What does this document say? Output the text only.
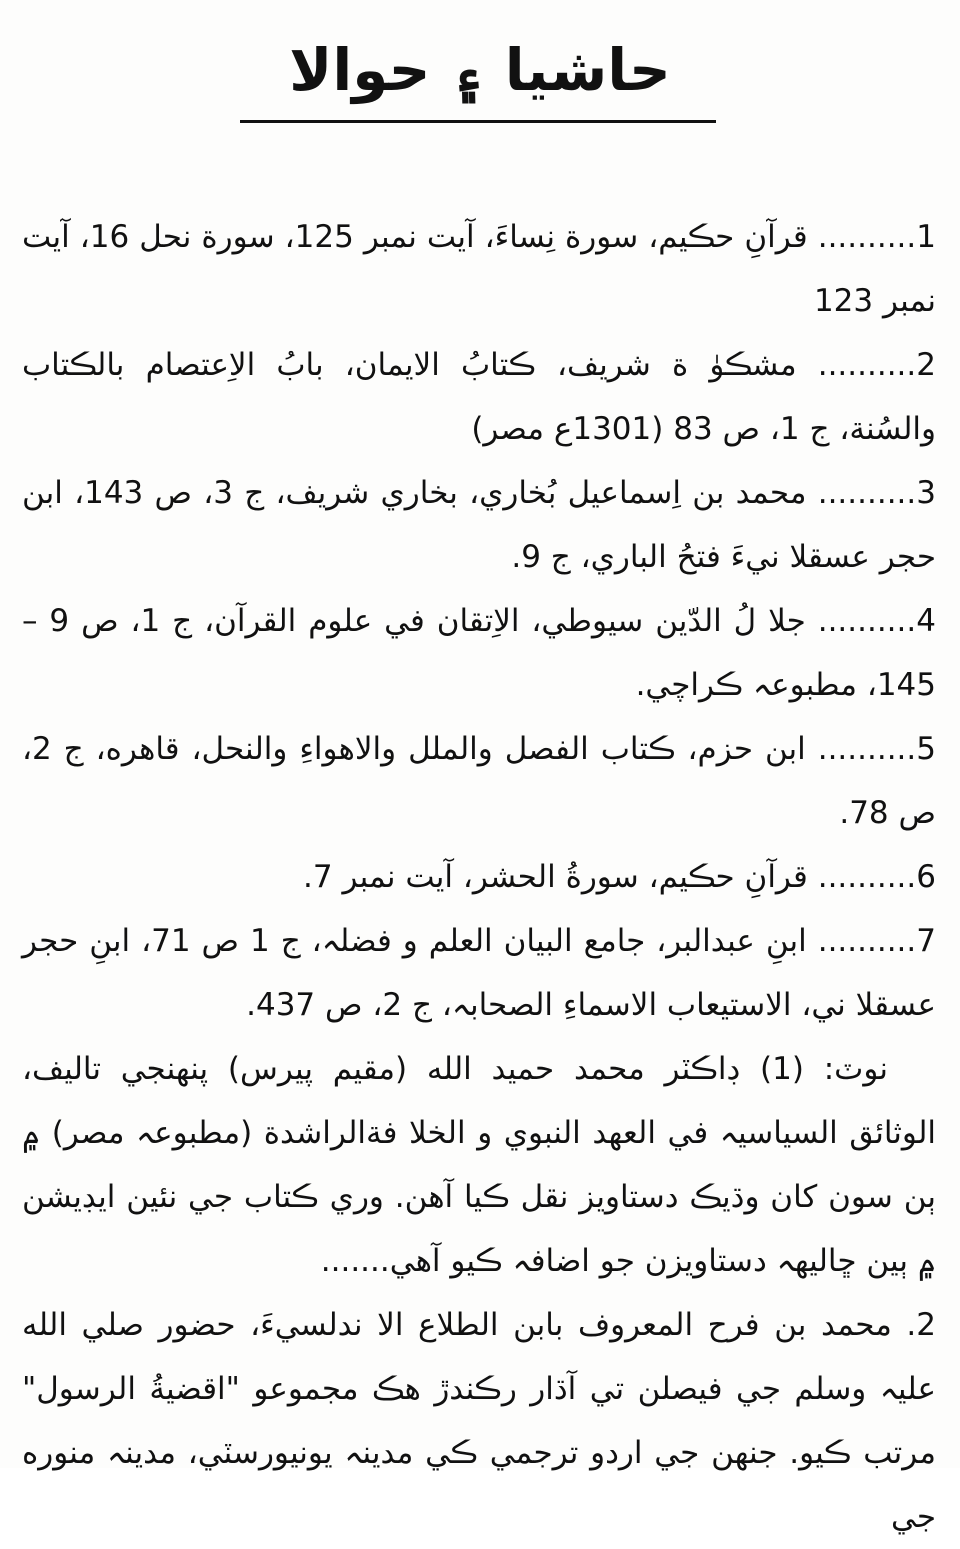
حاشيا ۽ حوالا

1.......... قرآنِ حڪيم، سورة نِساءَ، آيت نمبر 125، سورة نحل 16، آيت نمبر 123

2.......... مشڪوٰ ة شريف، ڪتابُ الايمان، بابُ الاِعتصام بالڪتاب والسُنة، ج 1، ص 83 (1301ع مصر)

3.......... محمد بن اِسماعيل بُخاري، بخاري شريف، ج 3، ص 143، ابن حجر عسقلا نيءَ فتحُ الباري، ج 9.

4.......... جلا لُ الدّين سيوطي، الاِتقان في علوم القرآن، ج 1، ص 9 – 145، مطبوعہ ڪراچي.

5.......... ابن حزم، ڪتاب الفصل والملل والاهواءِ والنحل، قاهره، ج 2، ص 78.

6.......... قرآنِ حڪيم، سورةُ الحشر، آيت نمبر 7.

7.......... ابنِ عبدالبر، جامع البيان العلم و فضلہ، ج 1 ص 71، ابنِ حجر عسقلا ني، الاستيعاب الاسماءِ الصحابہ، ج 2، ص 437.

نوٽ: (1) ڊاڪٽر محمد حميد الله (مقيم پيرس) پنهنجي تاليف، الوثائق السياسيہ في العهد النبوي و الخلا فةالراشدة (مطبوعہ مصر) ۾ ٻن سون کان وڌيڪ دستاويز نقل ڪيا آهن. وري ڪتاب جي نئين ايڊيشن ۾ ٻين ڇاليهہ دستاويزن جو اضافہ ڪيو آهي.......

2. محمد بن فرح المعروف بابن الطلاع الا ندلسيءَ، حضور صلي الله عليہ وسلم جي فيصلن تي آڌار رڪندڙ هڪ مجموعو "اقضيةُ الرسول" مرتب ڪيو. جنهن جي اردو ترجمي ڪي مدينہ يونيورسٽي، مدينہ منوره جي
